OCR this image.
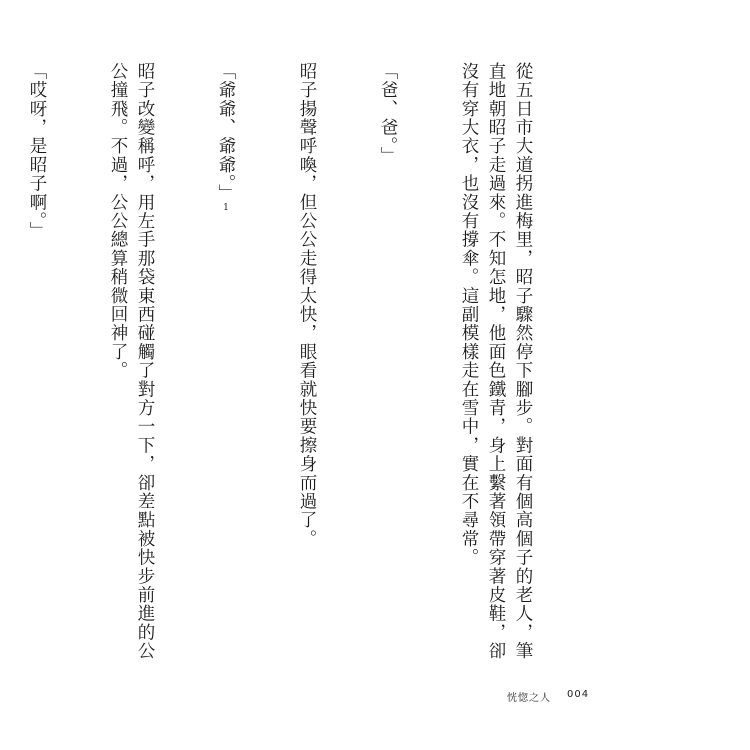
從五日市大道拐進梅里，昭子驟然停下腳步。對面有個高個子的老人，筆直地朝昭子走過來。不知怎地，他面色鐵青，身上繫著領帶穿著皮鞋，卻沒有穿大衣，也沒有撐傘。這副模樣走在雪中，實在不尋常。

「爸、爸。」

昭子揚聲呼喚，但公公走得太快，眼看就快要擦身而過了。

「爺爺、爺爺。」1

昭子改變稱呼，用左手那袋東西碰觸了對方一下，卻差點被快步前進的公公撞飛。不過，公公總算稍微回神了。

「哎呀，是昭子啊。」

恍惚之人 004
